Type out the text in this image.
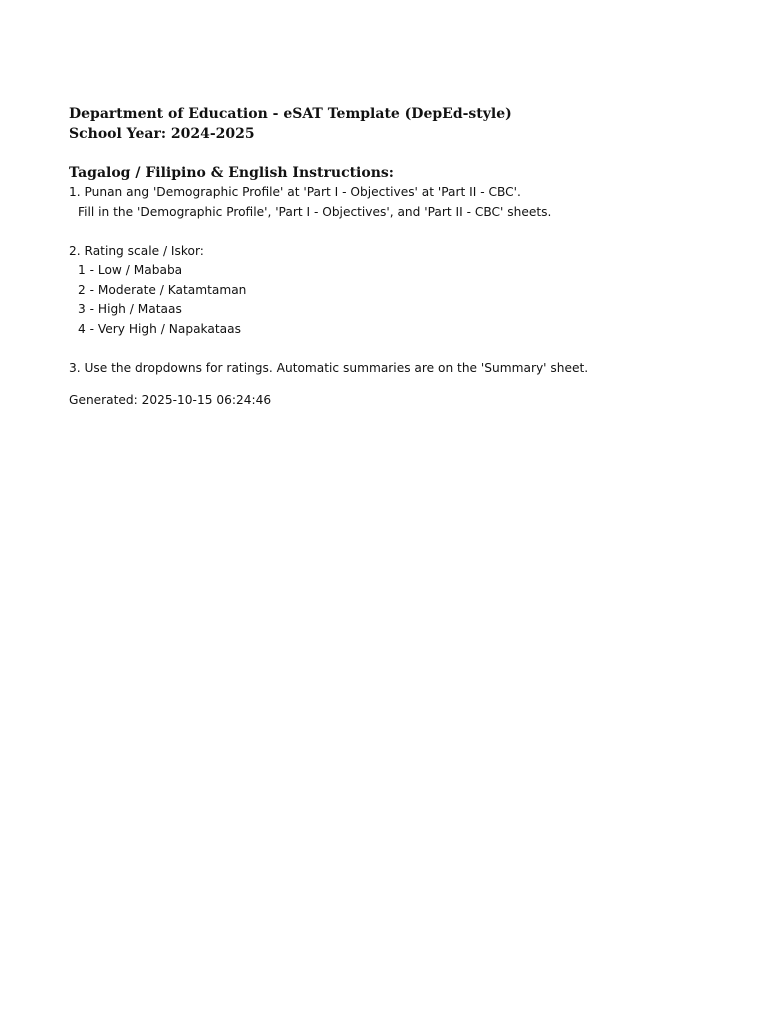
Department of Education - eSAT Template (DepEd-style)
School Year: 2024-2025
Tagalog / Filipino & English Instructions:
1. Punan ang 'Demographic Profile' at 'Part I - Objectives' at 'Part II - CBC'.
Fill in the 'Demographic Profile', 'Part I - Objectives', and 'Part II - CBC' sheets.
2. Rating scale / Iskor:
1 - Low / Mababa
2 - Moderate / Katamtaman
3 - High / Mataas
4 - Very High / Napakataas
3. Use the dropdowns for ratings. Automatic summaries are on the 'Summary' sheet.
Generated: 2025-10-15 06:24:46
